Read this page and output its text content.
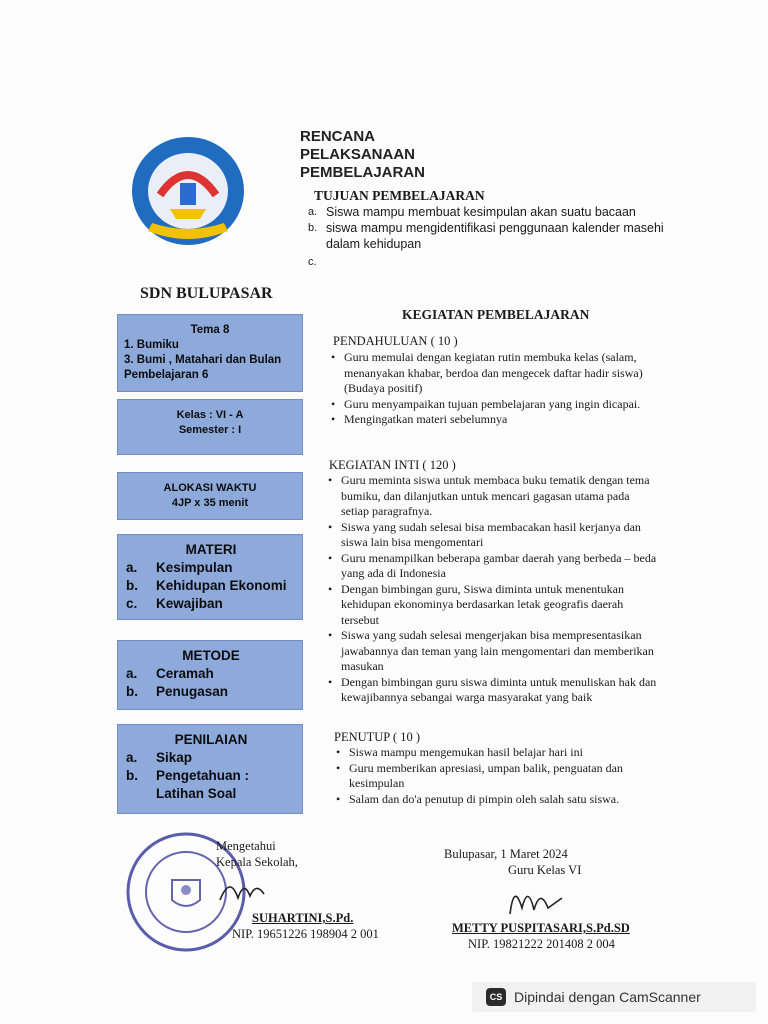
RENCANA
PELAKSANAAN
PEMBELAJARAN
TUJUAN PEMBELAJARAN
a. Siswa mampu membuat kesimpulan akan suatu bacaan
b. siswa mampu mengidentifikasi penggunaan kalender masehi dalam kehidupan
c.
SDN BULUPASAR
Tema 8
1. Bumiku
3. Bumi , Matahari dan Bulan
Pembelajaran 6
Kelas : VI - A
Semester : I
ALOKASI WAKTU
4JP x 35 menit
MATERI
a.	Kesimpulan
b.	Kehidupan Ekonomi
c.	Kewajiban
METODE
a.	Ceramah
b.	Penugasan
PENILAIAN
a.	Sikap
b.	Pengetahuan :
Latihan Soal
KEGIATAN PEMBELAJARAN
PENDAHULUAN ( 10 )
• Guru memulai dengan kegiatan rutin membuka kelas (salam, menanyakan khabar, berdoa dan mengecek daftar hadir siswa) (Budaya positif)
• Guru menyampaikan tujuan pembelajaran yang ingin dicapai.
• Mengingatkan materi sebelumnya
KEGIATAN INTI ( 120 )
• Guru meminta siswa untuk membaca buku tematik dengan tema bumiku, dan dilanjutkan untuk mencari gagasan utama pada setiap paragrafnya.
• Siswa yang sudah selesai bisa membacakan hasil kerjanya dan siswa lain bisa mengomentari
• Guru menampilkan beberapa gambar daerah yang berbeda – beda yang ada di Indonesia
• Dengan bimbingan guru, Siswa diminta untuk menentukan kehidupan ekonominya berdasarkan letak geografis daerah tersebut
• Siswa yang sudah selesai mengerjakan bisa mempresentasikan jawabannya dan teman yang lain mengomentari dan memberikan masukan
• Dengan bimbingan guru siswa diminta untuk menuliskan hak dan kewajibannya sebangai warga masyarakat yang baik
PENUTUP ( 10 )
• Siswa mampu mengemukan hasil belajar hari ini
• Guru memberikan apresiasi, umpan balik, penguatan dan kesimpulan
• Salam dan do'a penutup di pimpin oleh salah satu siswa.
Mengetahui
Kepala Sekolah,
SUHARTINI,S.Pd.
NIP. 19651226 198904 2 001
Bulupasar, 1 Maret 2024
Guru Kelas VI
METTY PUSPITASARI,S.Pd.SD
NIP. 19821222 201408 2 004
CS Dipindai dengan CamScanner
